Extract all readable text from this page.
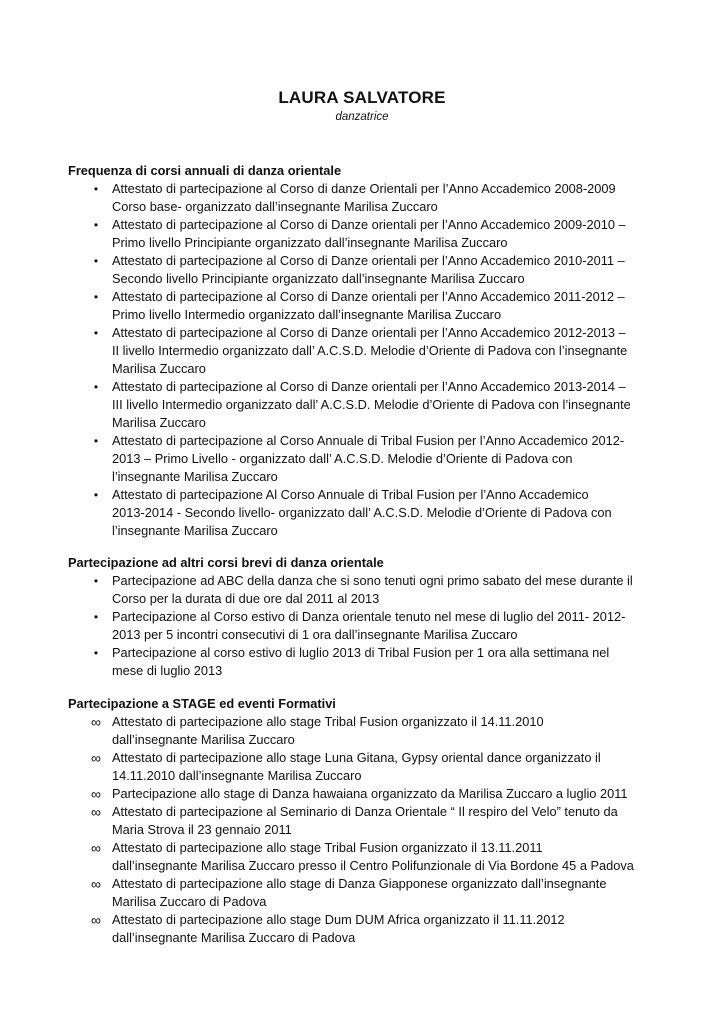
LAURA SALVATORE
danzatrice
Frequenza di corsi annuali di danza orientale
•	Attestato di partecipazione al Corso di danze Orientali per l’Anno Accademico 2008-2009
Corso base- organizzato dall’insegnante Marilisa Zuccaro
•	Attestato di partecipazione al Corso di Danze orientali per l’Anno Accademico 2009-2010 –
Primo livello Principiante organizzato dall’insegnante Marilisa Zuccaro
•	Attestato di partecipazione al Corso di Danze orientali per l’Anno Accademico 2010-2011 –
Secondo livello Principiante organizzato dall’insegnante Marilisa Zuccaro
•	Attestato di partecipazione al Corso di Danze orientali per l’Anno Accademico 2011-2012 –
Primo livello Intermedio organizzato dall’insegnante Marilisa Zuccaro
•	Attestato di partecipazione al Corso di Danze orientali per l’Anno Accademico 2012-2013 –
II livello Intermedio organizzato dall’ A.C.S.D. Melodie d’Oriente di Padova con l’insegnante
Marilisa Zuccaro
•	Attestato di partecipazione al Corso di Danze orientali per l’Anno Accademico 2013-2014 –
III livello Intermedio organizzato dall’ A.C.S.D. Melodie d’Oriente di Padova con l’insegnante
Marilisa Zuccaro
•	Attestato di partecipazione al Corso Annuale di Tribal Fusion per l’Anno Accademico 2012-
2013 – Primo Livello - organizzato dall’ A.C.S.D. Melodie d’Oriente di Padova con
l’insegnante Marilisa Zuccaro
•	Attestato di partecipazione Al Corso Annuale di Tribal Fusion per l’Anno Accademico
2013-2014 - Secondo livello- organizzato dall’ A.C.S.D. Melodie d’Oriente di Padova con
l’insegnante Marilisa Zuccaro
Partecipazione ad altri corsi brevi di danza orientale
•	Partecipazione ad ABC della danza che si sono tenuti ogni primo sabato del mese durante il
Corso per la durata di due ore dal 2011 al 2013
•	Partecipazione al Corso estivo di Danza orientale tenuto nel mese di luglio del 2011- 2012-
2013 per 5 incontri consecutivi di 1 ora dall’insegnante Marilisa Zuccaro
•	Partecipazione al corso estivo di luglio 2013 di Tribal Fusion per 1 ora alla settimana nel
mese di luglio 2013
Partecipazione a STAGE ed eventi Formativi
∞ Attestato di partecipazione allo stage Tribal Fusion organizzato il 14.11.2010
dall’insegnante Marilisa Zuccaro
∞ Attestato di partecipazione allo stage Luna Gitana, Gypsy oriental dance organizzato il
14.11.2010 dall’insegnante Marilisa Zuccaro
∞ Partecipazione allo stage di Danza hawaiana organizzato da Marilisa Zuccaro a luglio 2011
∞ Attestato di partecipazione al Seminario di Danza Orientale “ Il respiro del Velo” tenuto da
Maria Strova il 23 gennaio 2011
∞ Attestato di partecipazione allo stage Tribal Fusion organizzato il 13.11.2011
dall’insegnante Marilisa Zuccaro presso il Centro Polifunzionale di Via Bordone 45 a Padova
∞ Attestato di partecipazione allo stage di Danza Giapponese organizzato dall’insegnante
Marilisa Zuccaro di Padova
∞ Attestato di partecipazione allo stage Dum DUM Africa organizzato il 11.11.2012
dall’insegnante Marilisa Zuccaro di Padova
